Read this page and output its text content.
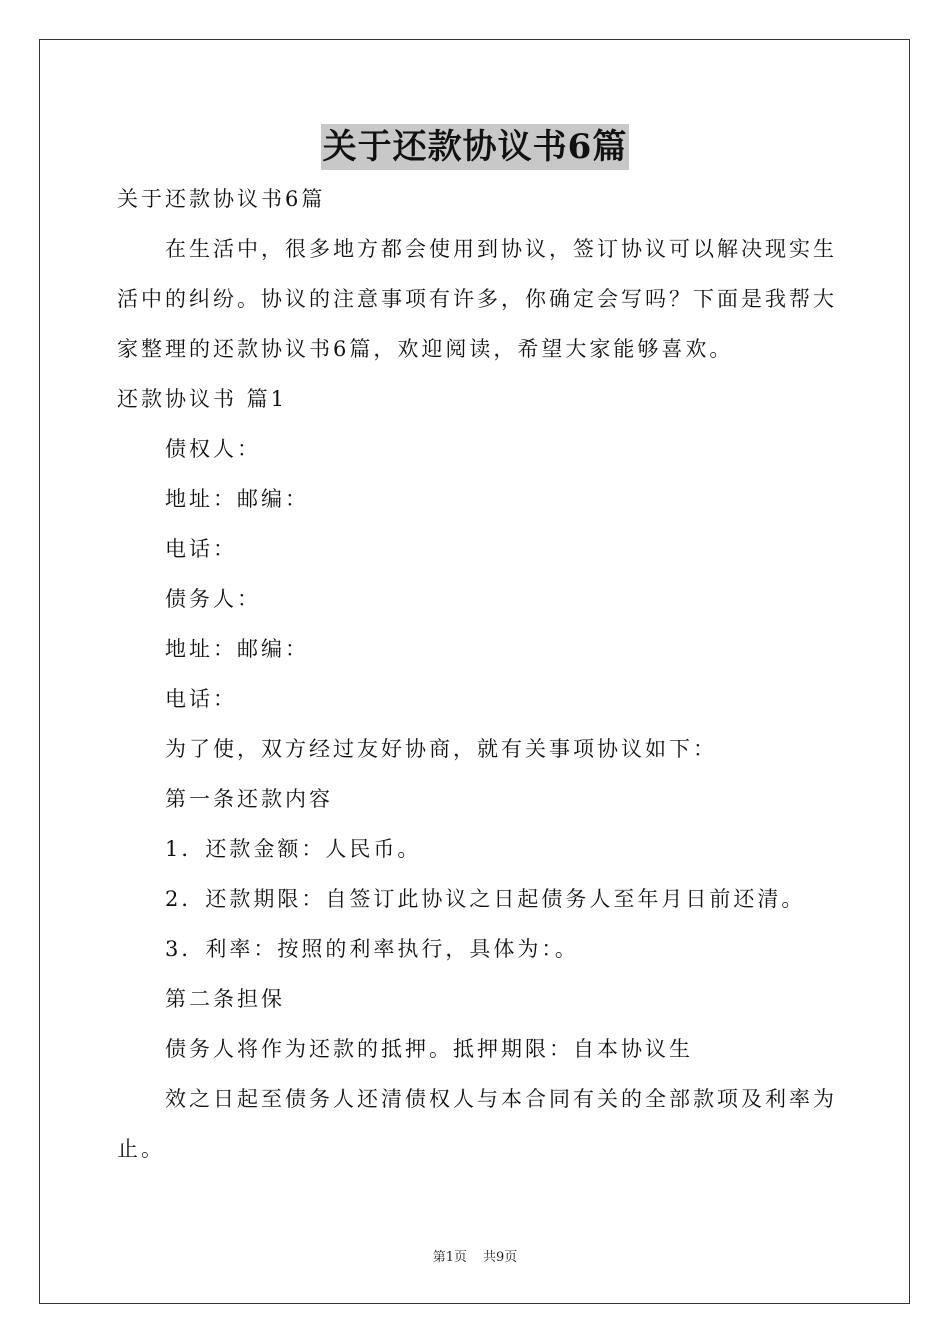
关于还款协议书6篇
关于还款协议书6篇
在生活中，很多地方都会使用到协议，签订协议可以解决现实生
活中的纠纷。协议的注意事项有许多，你确定会写吗？下面是我帮大
家整理的还款协议书6篇，欢迎阅读，希望大家能够喜欢。
还款协议书 篇1
债权人：
地址：邮编：
电话：
债务人：
地址：邮编：
电话：
为了使，双方经过友好协商，就有关事项协议如下：
第一条还款内容
1．还款金额：人民币。
2．还款期限：自签订此协议之日起债务人至年月日前还清。
3．利率：按照的利率执行，具体为：。
第二条担保
债务人将作为还款的抵押。抵押期限：自本协议生
效之日起至债务人还清债权人与本合同有关的全部款项及利率为
止。
第1页 共9页
